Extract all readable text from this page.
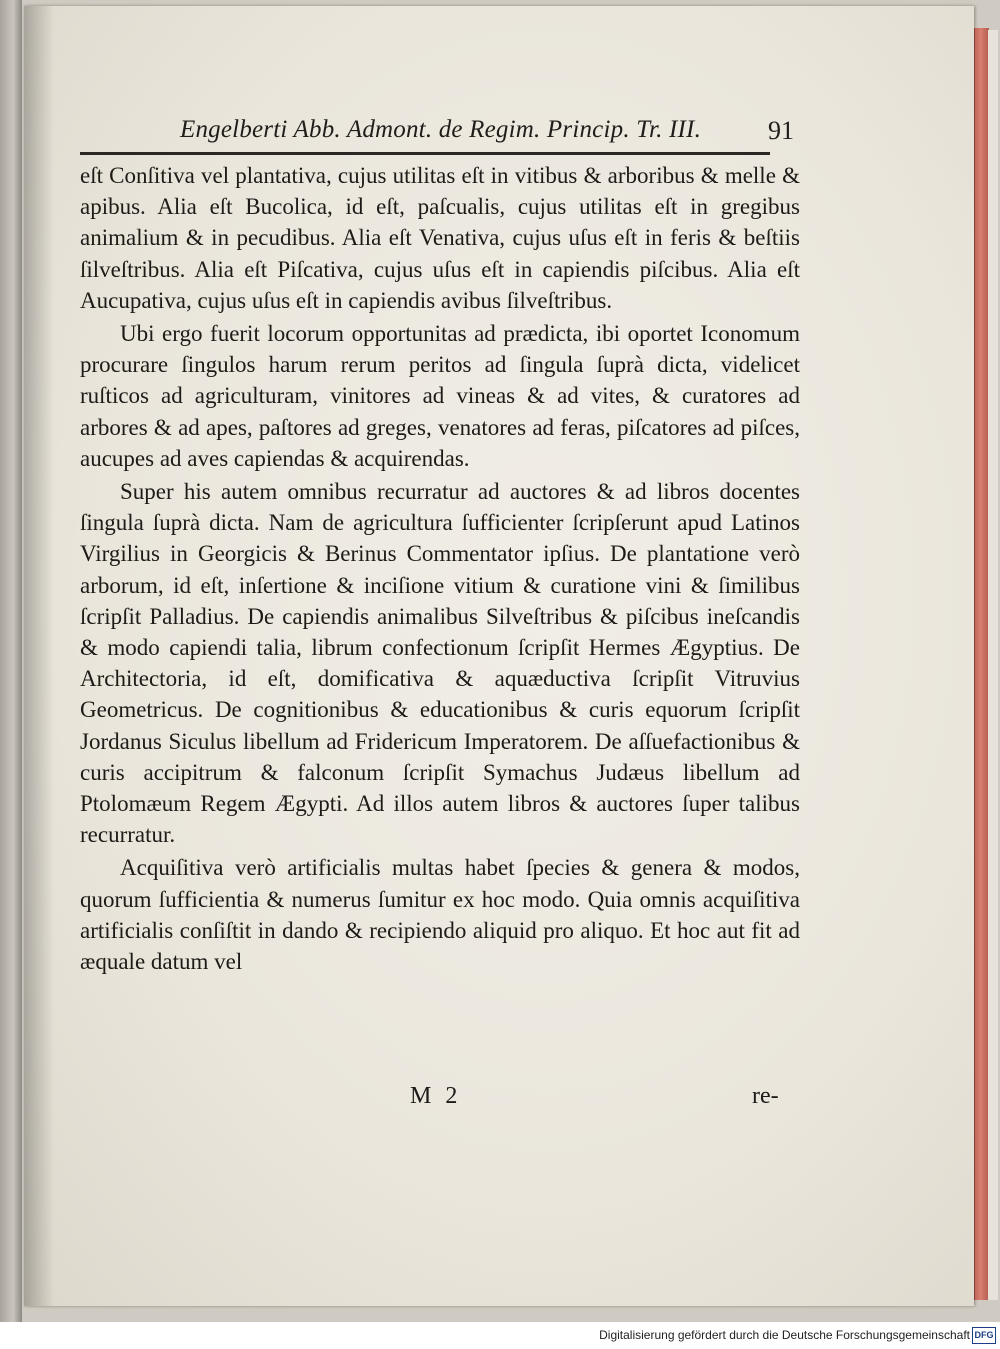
Engelberti Abb. Admont. de Regim. Princip. Tr. III.	91

eſt Conſitiva vel plantativa, cujus utilitas eſt in vitibus & arboribus & melle & apibus. Alia eſt Bucolica, id eſt, paſcualis, cujus utilitas eſt in gregibus animalium & in pecudibus. Alia eſt Venativa, cujus uſus eſt in feris & beſtiis ſilveſtribus. Alia eſt Piſcativa, cujus uſus eſt in capiendis piſcibus. Alia eſt Aucupativa, cujus uſus eſt in capiendis avibus ſilveſtribus.

Ubi ergo fuerit locorum opportunitas ad prædicta, ibi oportet Iconomum procurare ſingulos harum rerum peritos ad ſingula ſuprà dicta, videlicet ruſticos ad agriculturam, vinitores ad vineas & ad vites, & curatores ad arbores & ad apes, paſtores ad greges, venatores ad feras, piſcatores ad piſces, aucupes ad aves capiendas & acquirendas.

Super his autem omnibus recurratur ad auctores & ad libros docentes ſingula ſuprà dicta. Nam de agricultura ſufficienter ſcripſerunt apud Latinos Virgilius in Georgicis & Berinus Commentator ipſius. De plantatione verò arborum, id eſt, inſertione & inciſione vitium & curatione vini & ſimilibus ſcripſit Palladius. De capiendis animalibus Silveſtribus & piſcibus ineſcandis & modo capiendi talia, librum confectionum ſcripſit Hermes Ægyptius. De Architectoria, id eſt, domificativa & aquæductiva ſcripſit Vitruvius Geometricus. De cognitionibus & educationibus & curis equorum ſcripſit Jordanus Siculus libellum ad Fridericum Imperatorem. De aſſuefactionibus & curis accipitrum & falconum ſcripſit Symachus Judæus libellum ad Ptolomæum Regem Ægypti. Ad illos autem libros & auctores ſuper talibus recurratur.

Acquiſitiva verò artificialis multas habet ſpecies & genera & modos, quorum ſufficientia & numerus ſumitur ex hoc modo. Quia omnis acquiſitiva artificialis conſiſtit in dando & recipiendo aliquid pro aliquo. Et hoc aut fit ad æquale datum vel

M 2	re-
Digitalisierung gefördert durch die Deutsche Forschungsgemeinschaft DFG
